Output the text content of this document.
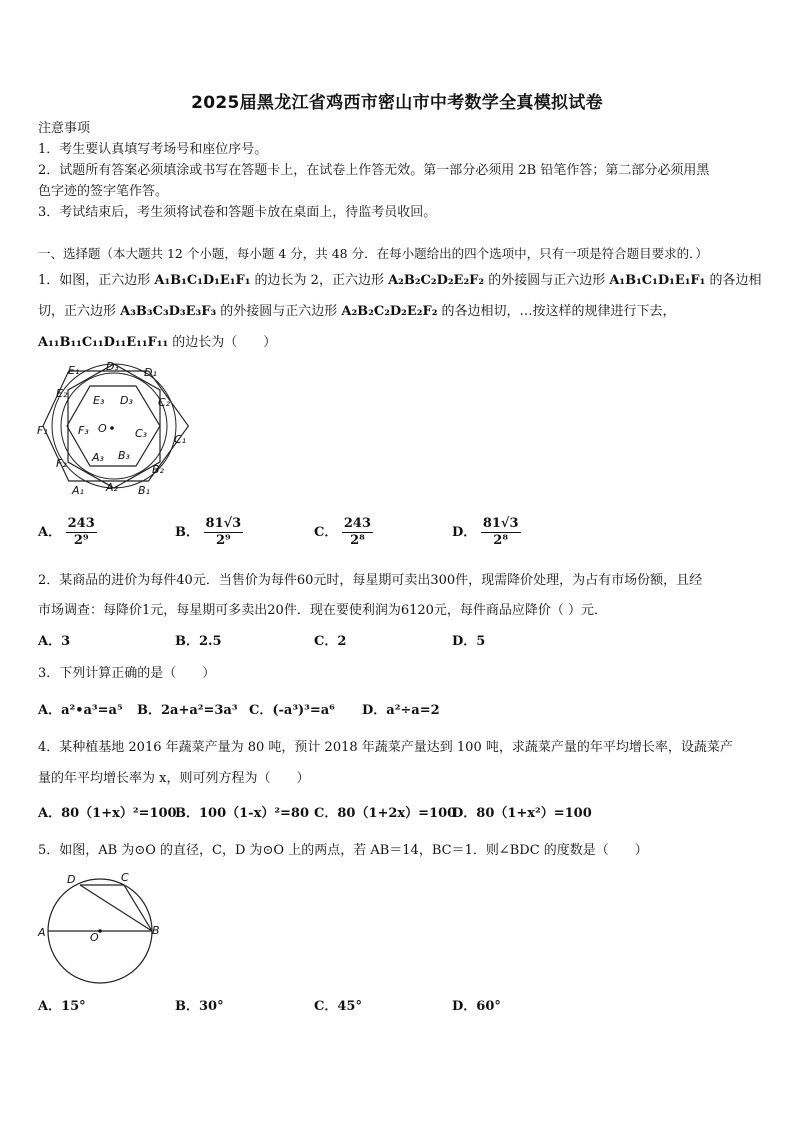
2025届黑龙江省鸡西市密山市中考数学全真模拟试卷
注意事项
1．考生要认真填写考场号和座位序号。
2．试题所有答案必须填涂或书写在答题卡上，在试卷上作答无效。第一部分必须用 2B 铅笔作答；第二部分必须用黑
色字迹的签字笔作答。
3．考试结束后，考生须将试卷和答题卡放在桌面上，待监考员收回。
一、选择题（本大题共 12 个小题，每小题 4 分，共 48 分．在每小题给出的四个选项中，只有一项是符合题目要求的．）
1．如图，正六边形 A₁B₁C₁D₁E₁F₁ 的边长为 2，正六边形 A₂B₂C₂D₂E₂F₂ 的外接圆与正六边形 A₁B₁C₁D₁E₁F₁ 的各边相
切，正六边形 A₃B₃C₃D₃E₃F₃ 的外接圆与正六边形 A₂B₂C₂D₂E₂F₂ 的各边相切，…按这样的规律进行下去，
A₁₁B₁₁C₁₁D₁₁E₁₁F₁₁ 的边长为（　　）
D₃ D₁
E₁
E₂
E₃ D₃ C₂
F₁	F₃ O	C₃ C₁
F₂ A₃ B₃
B₂
A₁ A₂ B₁
A． $\frac{243}{\text{2⁹}}$	B． $\frac{81√3}{\text{2⁹}}$	C． $\frac{243}{\text{2⁸}}$	D． $\frac{81√3}{\text{2⁸}}$
2．某商品的进价为每件40元．当售价为每件60元时，每星期可卖出300件，现需降价处理，为占有市场份额，且经
市场调查：每降价1元，每星期可多卖出20件．现在要使利润为6120元，每件商品应降价（ ）元．
A．3	B．2.5	C．2	D．5
3．下列计算正确的是（　　）
A．a²•a³=a⁵ B．2a+a²=3a³ C．(-a³)³=a⁶ D．a²÷a=2
4．某种植基地 2016 年蔬菜产量为 80 吨，预计 2018 年蔬菜产量达到 100 吨，求蔬菜产量的年平均增长率，设蔬菜产
量的年平均增长率为 x，则可列方程为（　　）
A．80（1+x）²=100
B．100（1-x）²=80 C．80（1+2x）=100
D．80（1+x²）=100
5．如图，AB 为⊙O 的直径，C，D 为⊙O 上的两点，若 AB＝14，BC＝1．则∠BDC 的度数是（　　）
D	C
A	B
O
A．15°	B．30°	C．45°	D．60°
